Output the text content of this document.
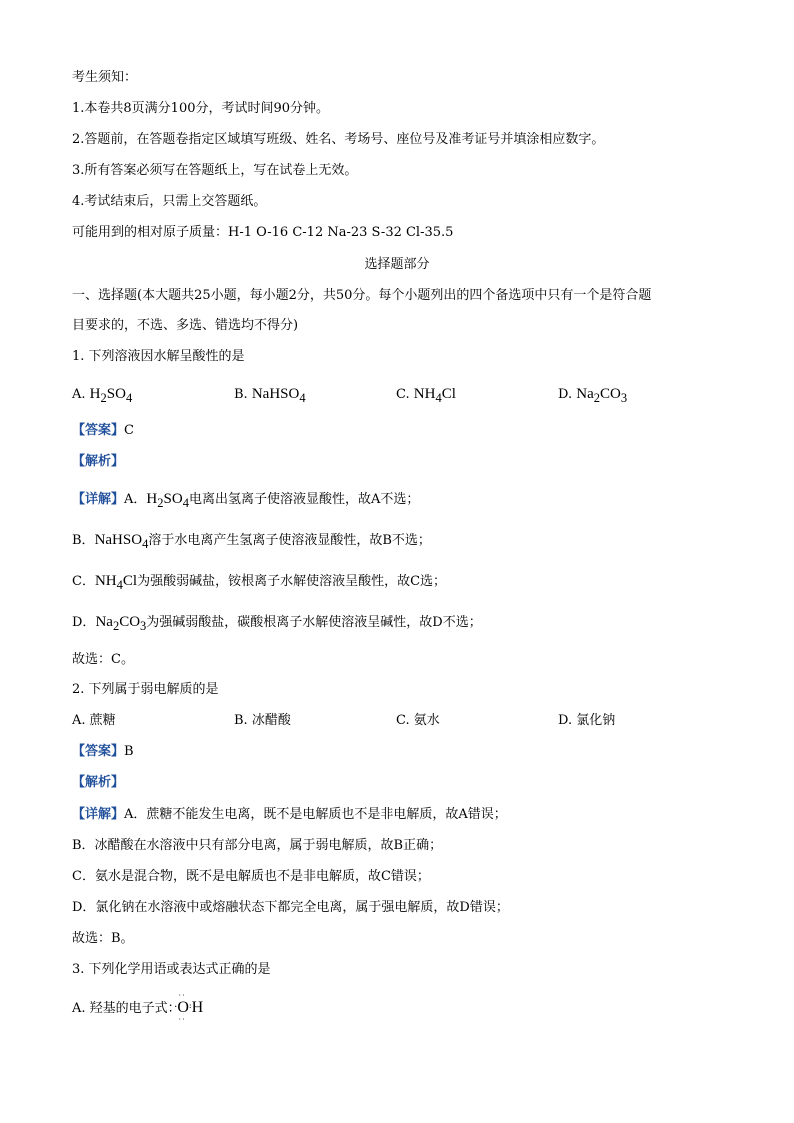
考生须知：
1.本卷共8页满分100分，考试时间90分钟。
2.答题前，在答题卷指定区域填写班级、姓名、考场号、座位号及准考证号并填涂相应数字。
3.所有答案必须写在答题纸上，写在试卷上无效。
4.考试结束后，只需上交答题纸。
可能用到的相对原子质量：H-1 O-16 C-12 Na-23 S-32 Cl-35.5
选择题部分
一、选择题(本大题共25小题，每小题2分，共50分。每个小题列出的四个备选项中只有一个是符合题
目要求的，不选、多选、错选均不得分)
1. 下列溶液因水解呈酸性的是
A. $H_2SO_4$	B. NaHSO$_4$	C. $NH_4Cl$	D. $Na_2CO_3$
【答案】C
【解析】
【详解】A．$H_2SO_4$电离出氢离子使溶液显酸性，故A不选；
B．NaHSO$_4$溶于水电离产生氢离子使溶液显酸性，故B不选；
C．$NH_4Cl$为强酸弱碱盐，铵根离子水解使溶液呈酸性，故C选；
D．$Na_2CO_3$为强碱弱酸盐，碳酸根离子水解使溶液呈碱性，故D不选；
故选：C。
2. 下列属于弱电解质的是
A. 蔗糖	B. 冰醋酸	C. 氨水	D. 氯化钠
【答案】B
【解析】
【详解】A．蔗糖不能发生电离，既不是电解质也不是非电解质，故A错误；
B．冰醋酸在水溶液中只有部分电离，属于弱电解质，故B正确；
C．氨水是混合物，既不是电解质也不是非电解质，故C错误；
D．氯化钠在水溶液中或熔融状态下都完全电离，属于强电解质，故D错误；
故选：B。
3. 下列化学用语或表达式正确的是
A. 羟基的电子式：·
··
O
··
:H
